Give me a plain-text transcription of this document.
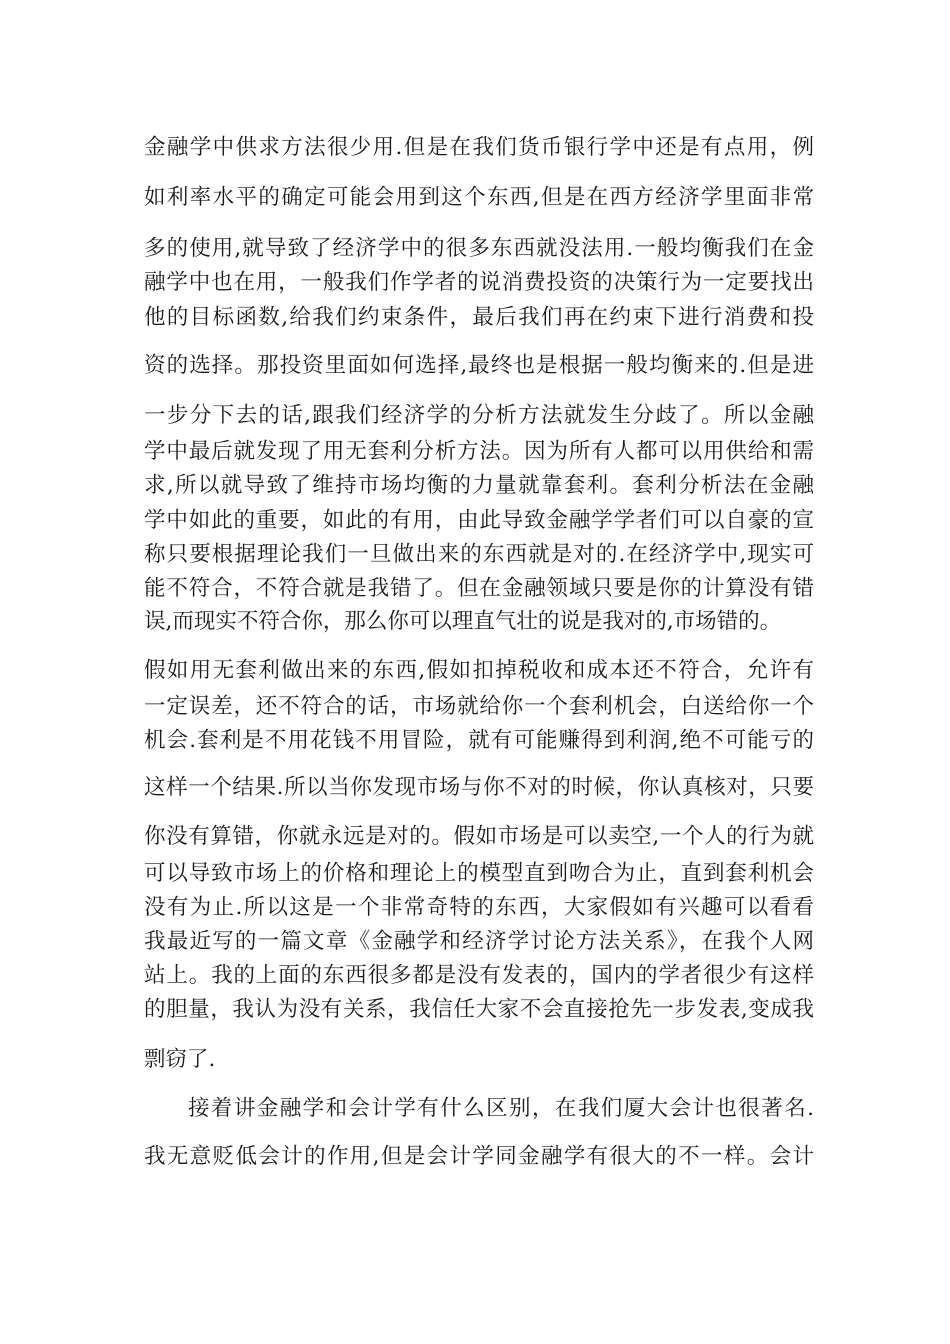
金融学中供求方法很少用.但是在我们货币银行学中还是有点用，例
如利率水平的确定可能会用到这个东西,但是在西方经济学里面非常
多的使用,就导致了经济学中的很多东西就没法用.一般均衡我们在金
融学中也在用，一般我们作学者的说消费投资的决策行为一定要找出
他的目标函数,给我们约束条件，最后我们再在约束下进行消费和投
资的选择。那投资里面如何选择,最终也是根据一般均衡来的.但是进
一步分下去的话,跟我们经济学的分析方法就发生分歧了。所以金融
学中最后就发现了用无套利分析方法。因为所有人都可以用供给和需
求,所以就导致了维持市场均衡的力量就靠套利。套利分析法在金融
学中如此的重要，如此的有用，由此导致金融学学者们可以自豪的宣
称只要根据理论我们一旦做出来的东西就是对的.在经济学中,现实可
能不符合，不符合就是我错了。但在金融领域只要是你的计算没有错
误,而现实不符合你，那么你可以理直气壮的说是我对的,市场错的。
假如用无套利做出来的东西,假如扣掉税收和成本还不符合，允许有
一定误差，还不符合的话，市场就给你一个套利机会，白送给你一个
机会.套利是不用花钱不用冒险，就有可能赚得到利润,绝不可能亏的
这样一个结果.所以当你发现市场与你不对的时候，你认真核对，只要
你没有算错，你就永远是对的。假如市场是可以卖空,一个人的行为就
可以导致市场上的价格和理论上的模型直到吻合为止，直到套利机会
没有为止.所以这是一个非常奇特的东西，大家假如有兴趣可以看看
我最近写的一篇文章《金融学和经济学讨论方法关系》，在我个人网
站上。我的上面的东西很多都是没有发表的，国内的学者很少有这样
的胆量，我认为没有关系，我信任大家不会直接抢先一步发表,变成我
剽窃了.
接着讲金融学和会计学有什么区别，在我们厦大会计也很著名.
我无意贬低会计的作用,但是会计学同金融学有很大的不一样。会计
